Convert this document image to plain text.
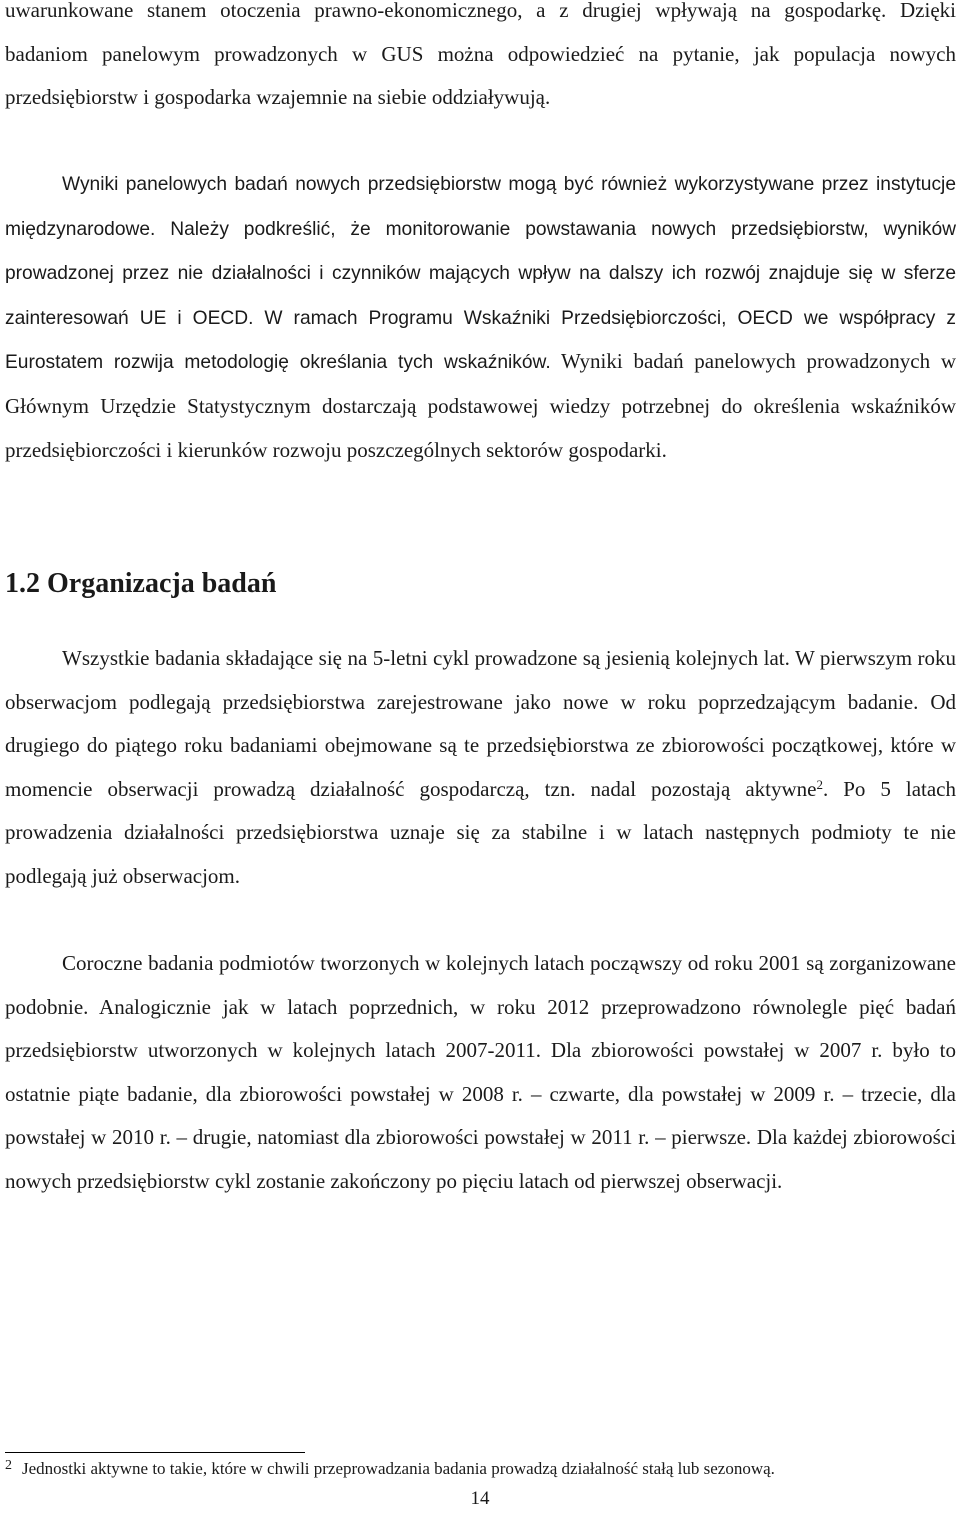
uwarunkowane stanem otoczenia prawno-ekonomicznego, a z drugiej wpływają na gospodarkę. Dzięki badaniom panelowym prowadzonych w GUS można odpowiedzieć na pytanie, jak populacja nowych przedsiębiorstw i gospodarka wzajemnie na siebie oddziaływują.

Wyniki panelowych badań nowych przedsiębiorstw mogą być również wykorzystywane przez instytucje międzynarodowe. Należy podkreślić, że monitorowanie powstawania nowych przedsiębiorstw, wyników prowadzonej przez nie działalności i czynników mających wpływ na dalszy ich rozwój znajduje się w sferze zainteresowań UE i OECD. W ramach Programu Wskaźniki Przedsiębiorczości, OECD we współpracy z Eurostatem rozwija metodologię określania tych wskaźników. Wyniki badań panelowych prowadzonych w Głównym Urzędzie Statystycznym dostarczają podstawowej wiedzy potrzebnej do określenia wskaźników przedsiębiorczości i kierunków rozwoju poszczególnych sektorów gospodarki.

1.2 Organizacja badań

Wszystkie badania składające się na 5-letni cykl prowadzone są jesienią kolejnych lat. W pierwszym roku obserwacjom podlegają przedsiębiorstwa zarejestrowane jako nowe w roku poprzedzającym badanie. Od drugiego do piątego roku badaniami obejmowane są te przedsiębiorstwa ze zbiorowości początkowej, które w momencie obserwacji prowadzą działalność gospodarczą, tzn. nadal pozostają aktywne$^2$. Po 5 latach prowadzenia działalności przedsiębiorstwa uznaje się za stabilne i w latach następnych podmioty te nie podlegają już obserwacjom.

Coroczne badania podmiotów tworzonych w kolejnych latach począwszy od roku 2001 są zorganizowane podobnie. Analogicznie jak w latach poprzednich, w roku 2012 przeprowadzono równolegle pięć badań przedsiębiorstw utworzonych w kolejnych latach 2007-2011. Dla zbiorowości powstałej w 2007 r. było to ostatnie piąte badanie, dla zbiorowości powstałej w 2008 r. – czwarte, dla powstałej w 2009 r. – trzecie, dla powstałej w 2010 r. – drugie, natomiast dla zbiorowości powstałej w 2011 r. – pierwsze. Dla każdej zbiorowości nowych przedsiębiorstw cykl zostanie zakończony po pięciu latach od pierwszej obserwacji.

2 Jednostki aktywne to takie, które w chwili przeprowadzania badania prowadzą działalność stałą lub sezonową.

14
